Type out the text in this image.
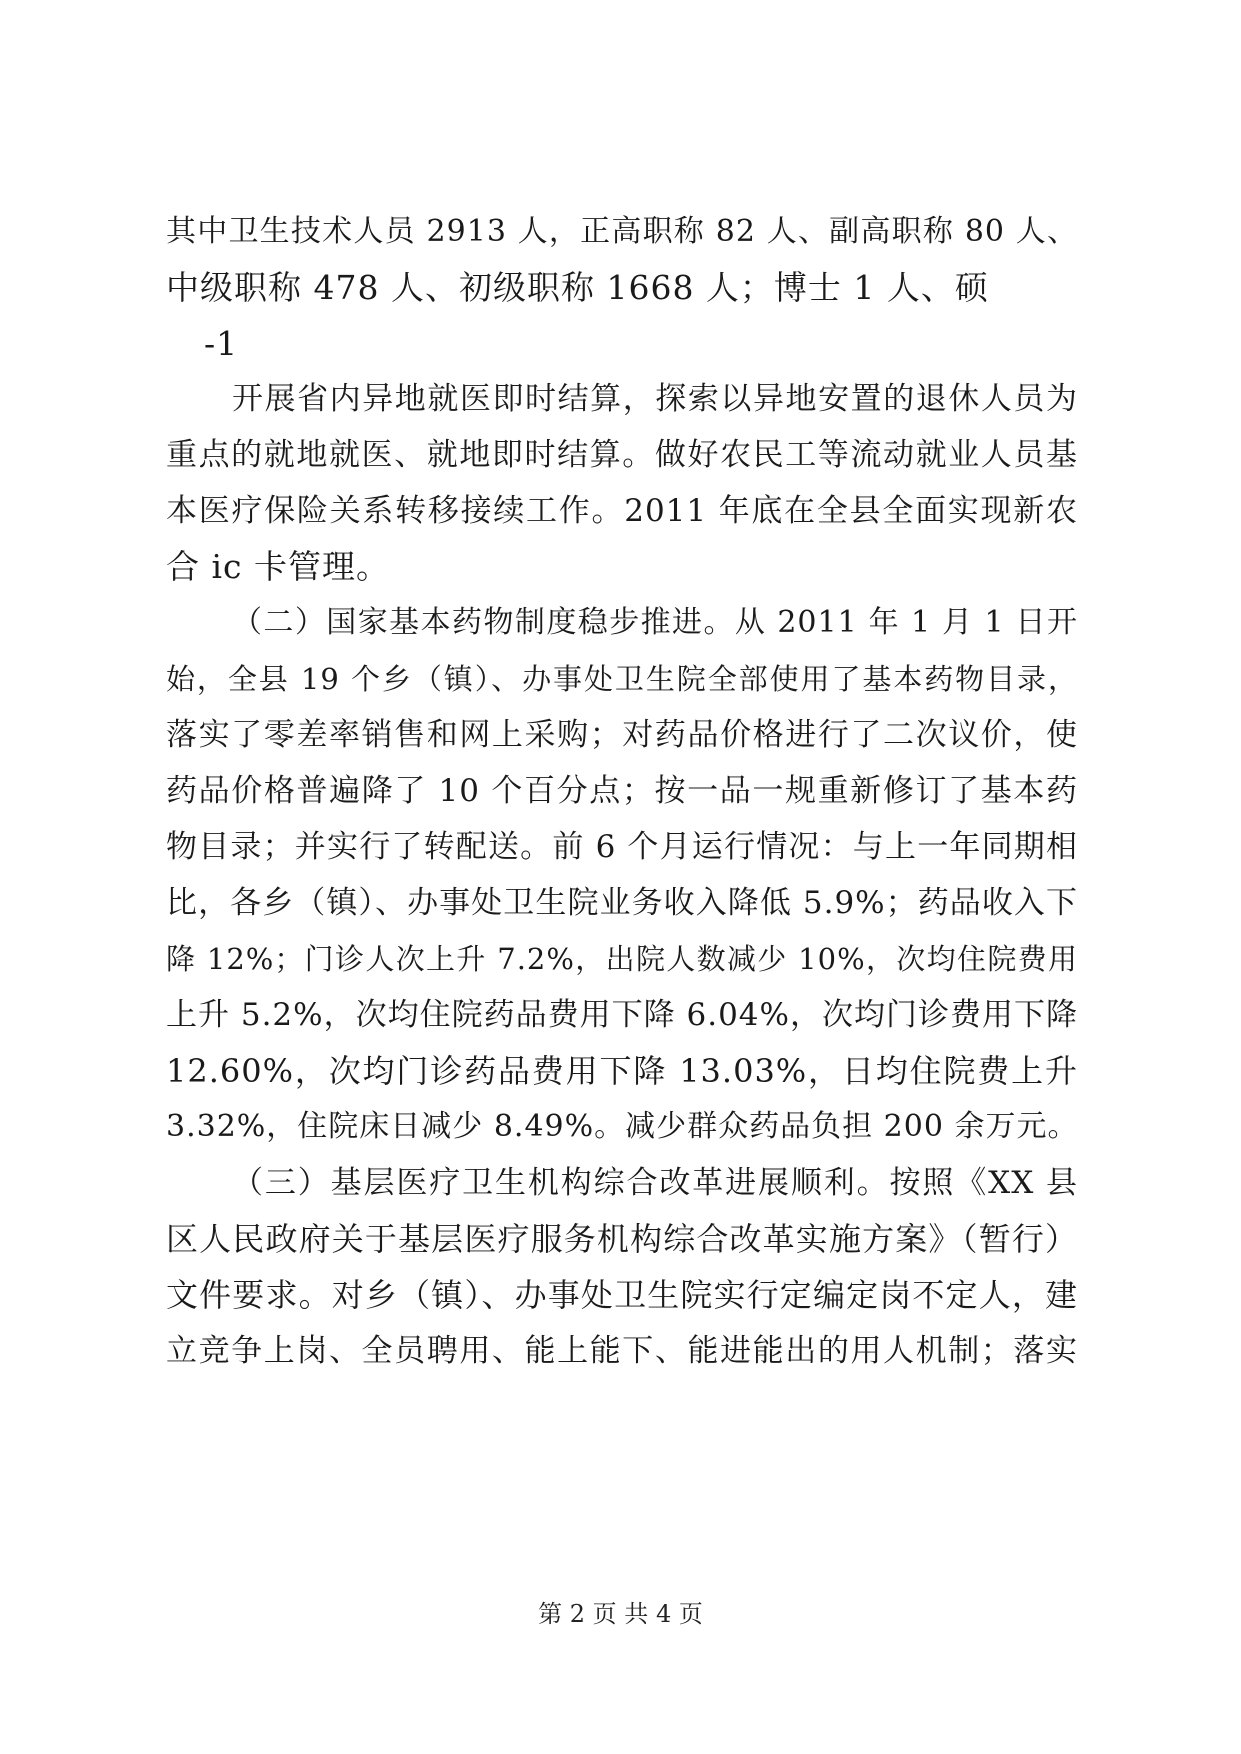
其中卫生技术人员 2913 人，正高职称 82 人、副高职称 80 人、
中级职称 478 人、初级职称 1668 人；博士 1 人、硕
-1
开展省内异地就医即时结算，探索以异地安置的退休人员为
重点的就地就医、就地即时结算。做好农民工等流动就业人员基
本医疗保险关系转移接续工作。2011 年底在全县全面实现新农
合 ic 卡管理。
（二）国家基本药物制度稳步推进。从 2011 年 1 月 1 日开
始，全县 19 个乡（镇）、办事处卫生院全部使用了基本药物目录，
落实了零差率销售和网上采购；对药品价格进行了二次议价，使
药品价格普遍降了 10 个百分点；按一品一规重新修订了基本药
物目录；并实行了转配送。前 6 个月运行情况：与上一年同期相
比，各乡（镇）、办事处卫生院业务收入降低 5.9%；药品收入下
降 12%；门诊人次上升 7.2%，出院人数减少 10%，次均住院费用
上升 5.2%，次均住院药品费用下降 6.04%，次均门诊费用下降
12.60%，次均门诊药品费用下降 13.03%，日均住院费上升
3.32%，住院床日减少 8.49%。减少群众药品负担 200 余万元。
（三）基层医疗卫生机构综合改革进展顺利。按照《XX 县
区人民政府关于基层医疗服务机构综合改革实施方案》（暂行）
文件要求。对乡（镇）、办事处卫生院实行定编定岗不定人，建
立竞争上岗、全员聘用、能上能下、能进能出的用人机制；落实
第 2 页 共 4 页
